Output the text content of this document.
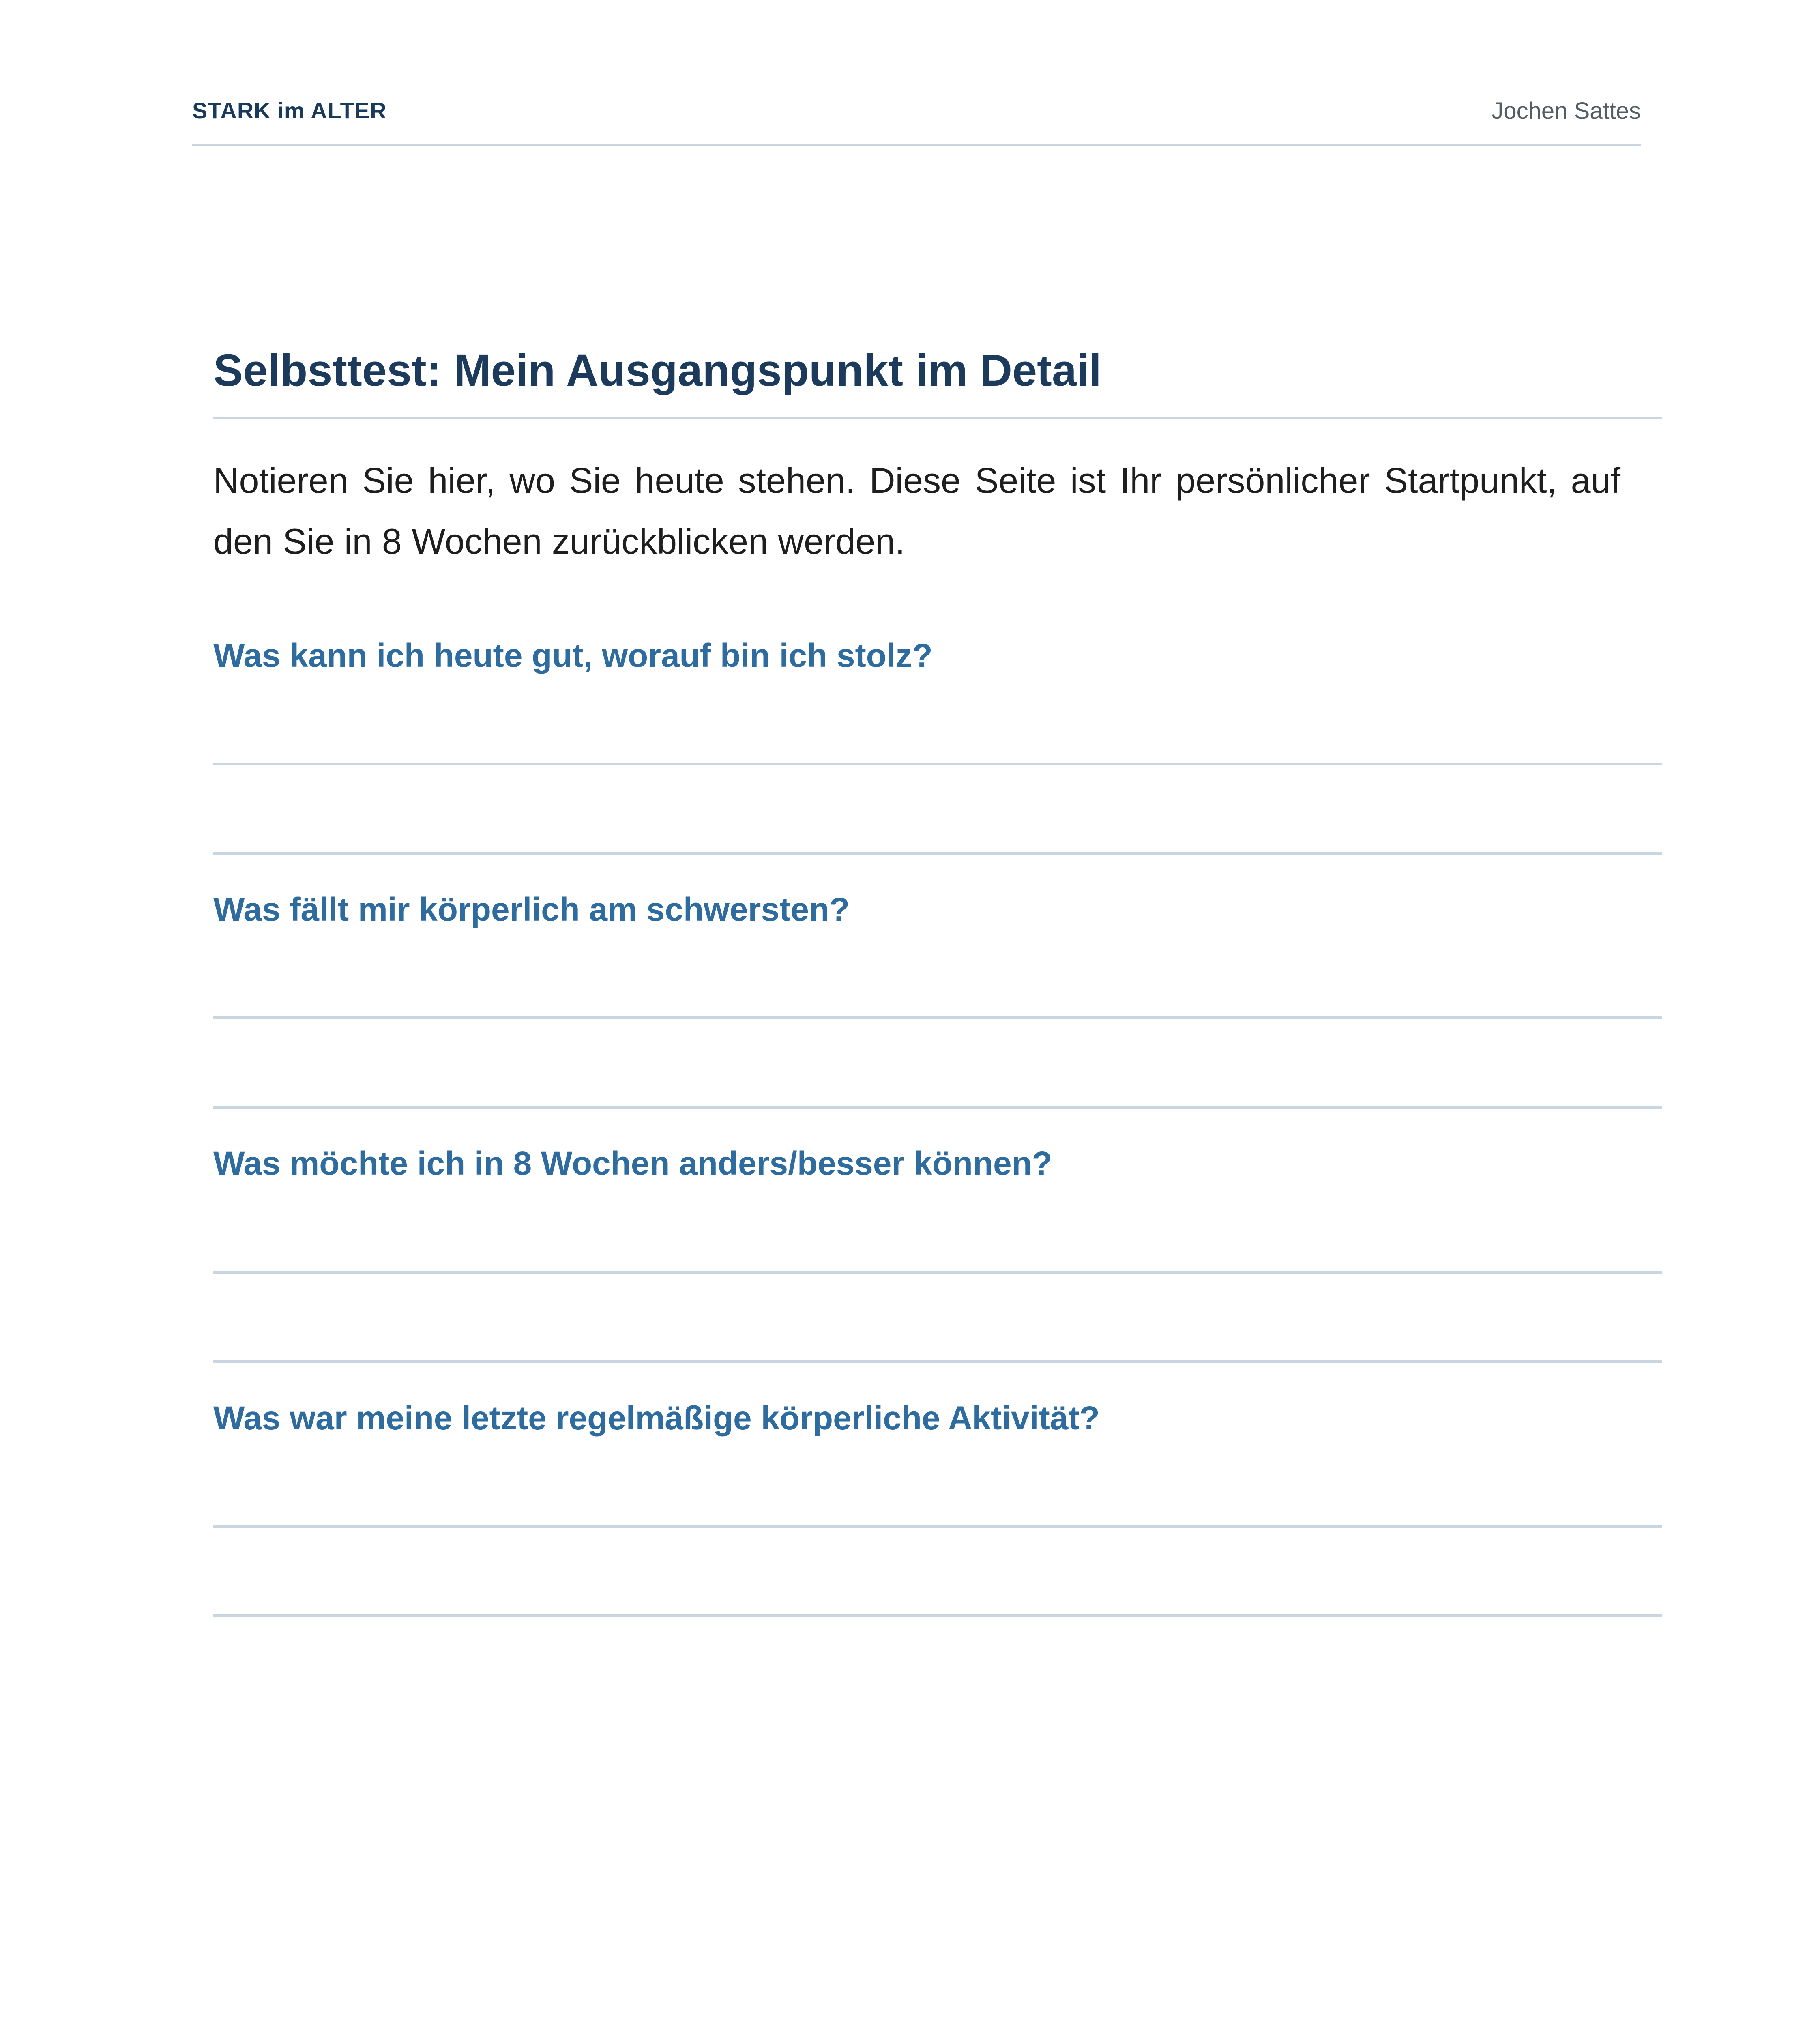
STARK im ALTER	Jochen Sattes
Selbsttest: Mein Ausgangspunkt im Detail
Notieren Sie hier, wo Sie heute stehen. Diese Seite ist Ihr persönlicher Startpunkt, auf den Sie in 8 Wochen zurückblicken werden.
Was kann ich heute gut, worauf bin ich stolz?
Was fällt mir körperlich am schwersten?
Was möchte ich in 8 Wochen anders/besser können?
Was war meine letzte regelmäßige körperliche Aktivität?
